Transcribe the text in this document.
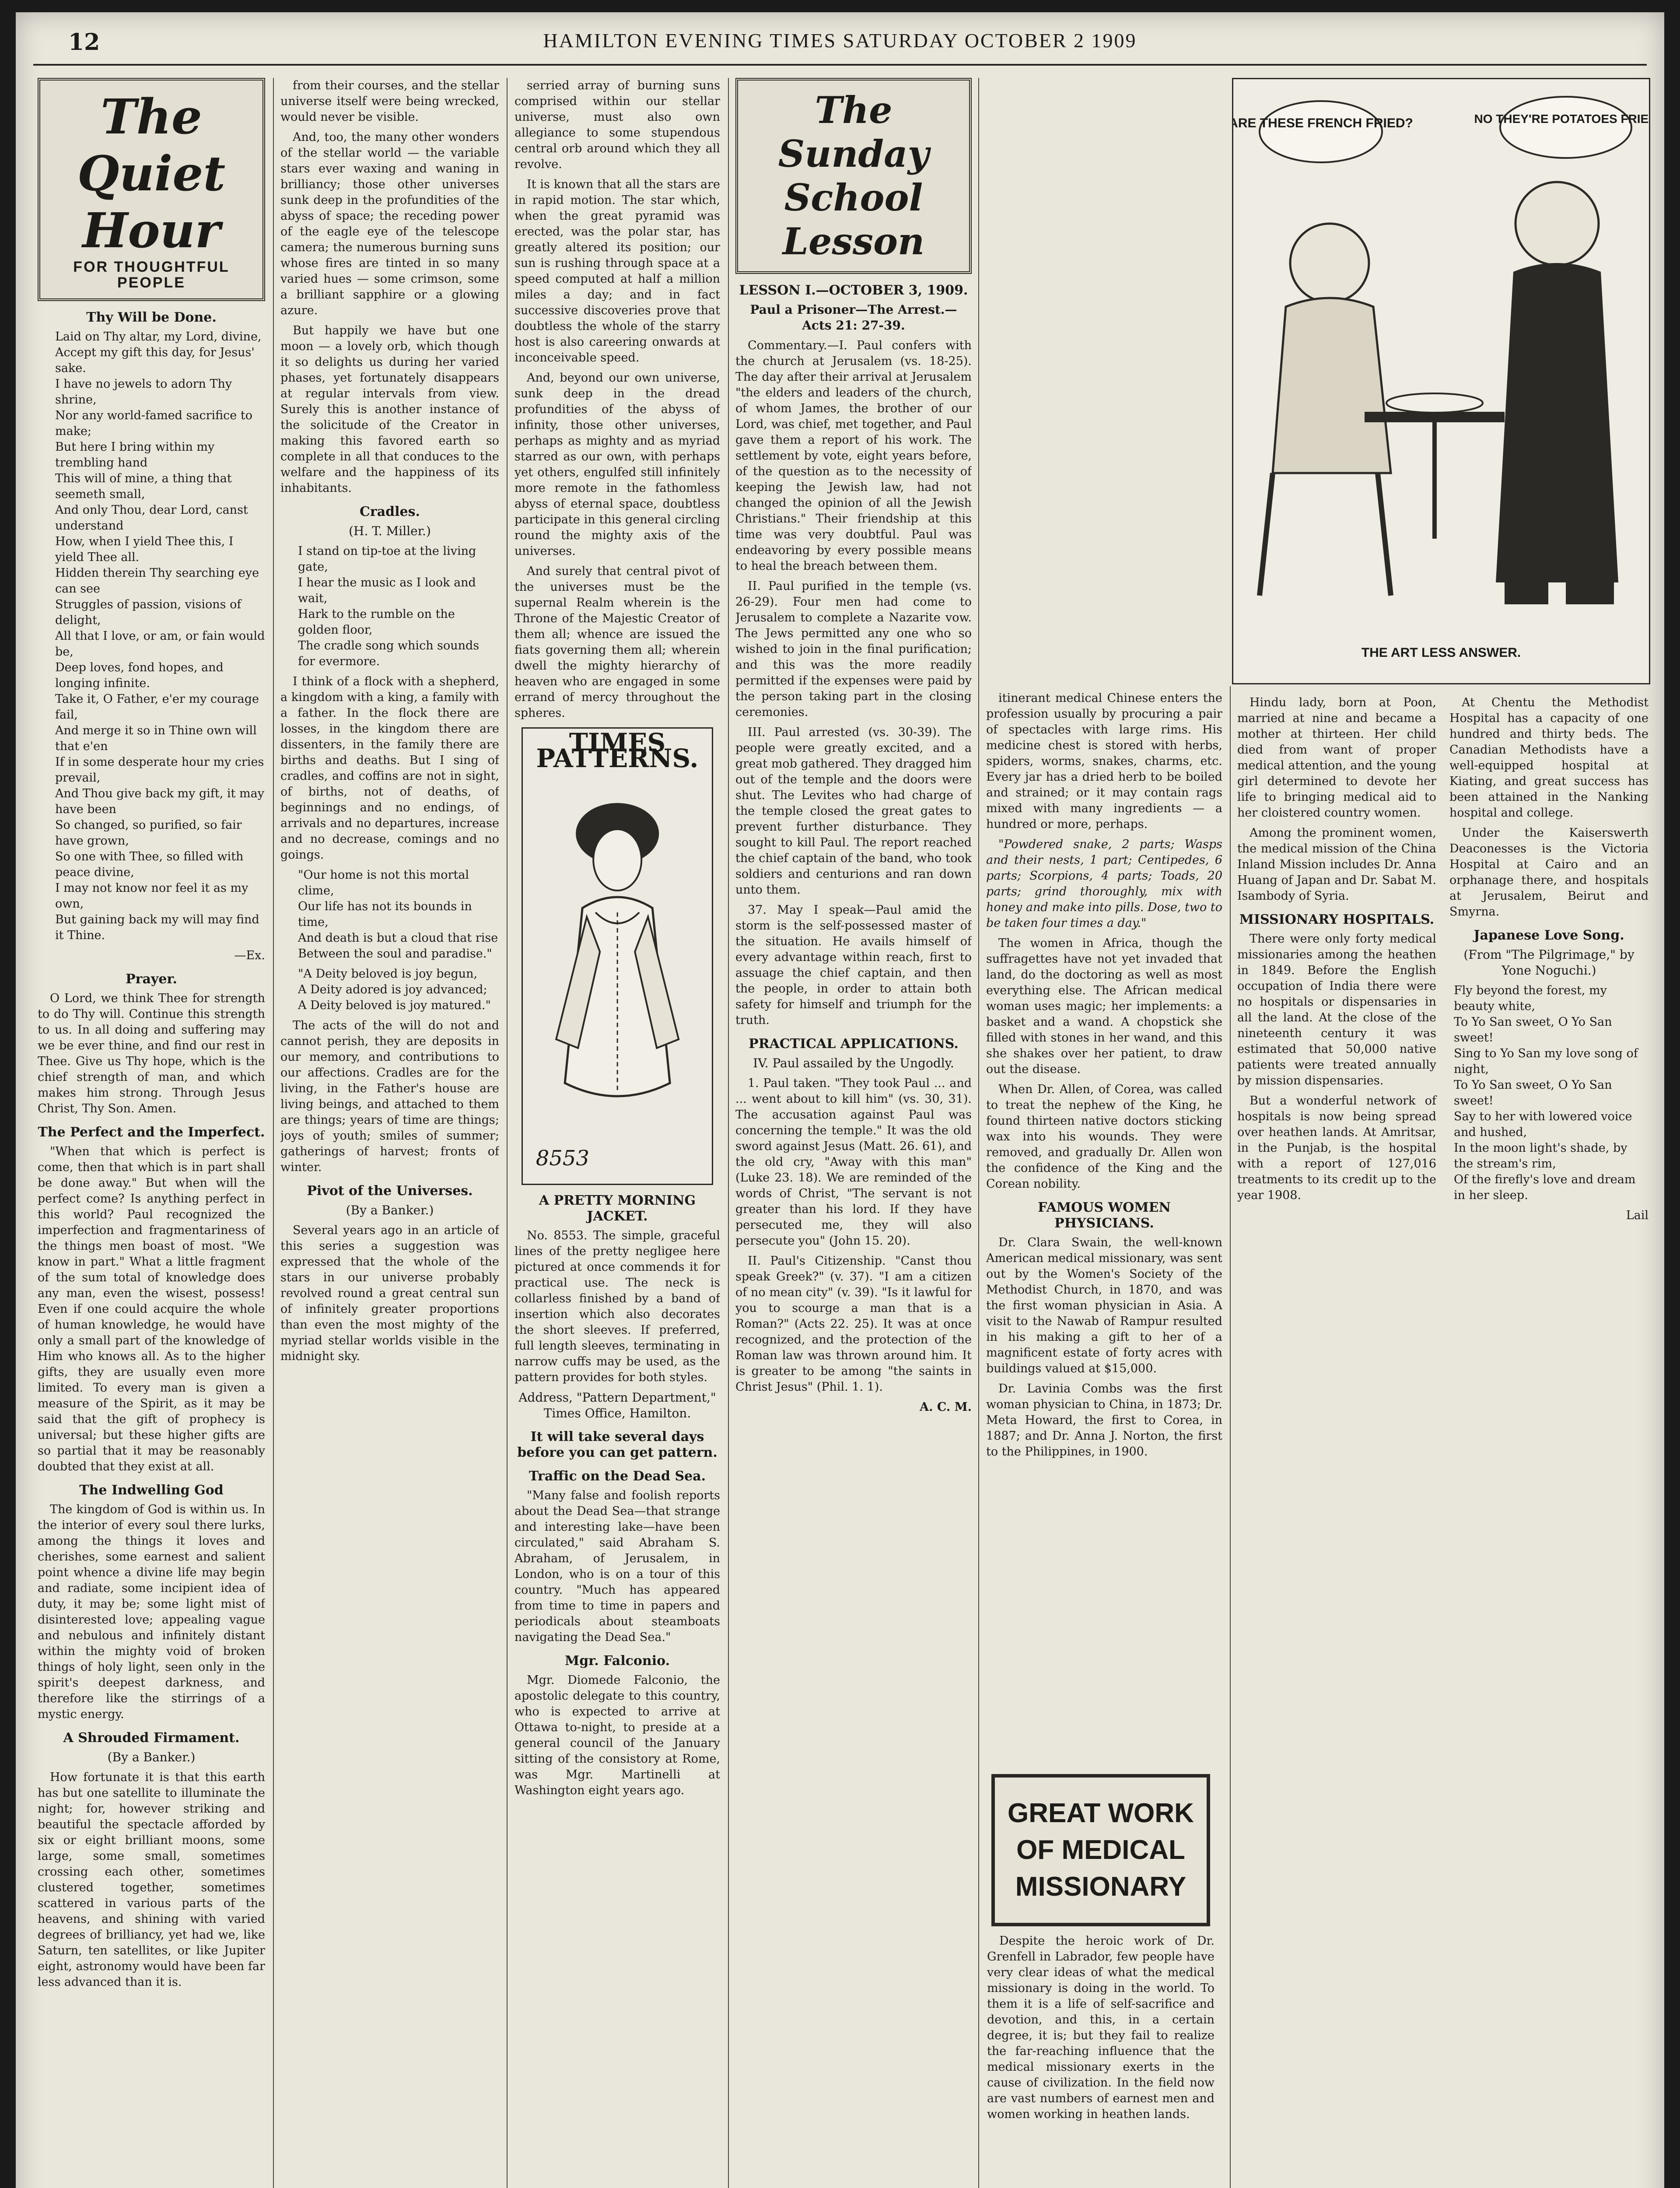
12	HAMILTON EVENING TIMES SATURDAY OCTOBER 2 1909
The Quiet Hour
FOR THOUGHTFUL PEOPLE
Thy Will be Done.
Laid on Thy altar, my Lord, divine,
Accept my gift this day, for Jesus' sake.
I have no jewels to adorn Thy shrine,
Nor any world-famed sacrifice to make;
But here I bring within my trembling hand
This will of mine, a thing that seemeth small,
And only Thou, dear Lord, canst understand
How, when I yield Thee this, I yield Thee all.
Hidden therein Thy searching eye can see
Struggles of passion, visions of delight,
All that I love, or am, or fain would be,
Deep loves, fond hopes, and longing infinite.
Take it, O Father, e'er my courage fail,
And merge it so in Thine own will that e'en
If in some desperate hour my cries prevail,
And Thou give back my gift, it may have been
So changed, so purified, so fair have grown,
So one with Thee, so filled with peace divine,
I may not know nor feel it as my own,
But gaining back my will may find it Thine.
—Ex.
Prayer.

O Lord, we think Thee for strength to do Thy will. Continue this strength to us. In all doing and suffering may we be ever thine, and find our rest in Thee. Give us Thy hope, which is the chief strength of man, and which makes him strong. Through Jesus Christ, Thy Son. Amen.

The Perfect and the Imperfect.

"When that which is perfect is come, then that which is in part shall be done away." But when will the perfect come? Is anything perfect in this world? Paul recognized the imperfection and fragmentariness of the things men boast of most. "We know in part." What a little fragment of the sum total of knowledge does any man, even the wisest, possess! Even if one could acquire the whole of human knowledge, he would have only a small part of the knowledge of Him who knows all. As to the higher gifts, they are usually even more limited. To every man is given a measure of the Spirit, as it may be said that the gift of prophecy is universal; but these higher gifts are so partial that it may be reasonably doubted that they exist at all.

The Indwelling God

The kingdom of God is within us. In the interior of every soul there lurks, among the things it loves and cherishes, some earnest and salient point whence a divine life may begin and radiate, some incipient idea of duty, it may be; some light mist of disinterested love; appealing vague and nebulous and infinitely distant within the mighty void of broken things of holy light, seen only in the spirit's deepest darkness, and therefore like the stirrings of a mystic energy.

A Shrouded Firmament.
(By a Banker.)

How fortunate it is that this earth has but one satellite to illuminate the night; for, however striking and beautiful the spectacle afforded by six or eight brilliant moons, some large, some small, sometimes crossing each other, sometimes clustered together, sometimes scattered in various parts of the heavens, and shining with varied degrees of brilliancy, yet had we, like Saturn, ten satellites, or like Jupiter eight, astronomy would have been far less advanced than it is.

from their courses, and the stellar universe itself were being wrecked, would never be visible.

And, too, the many other wonders of the stellar world — the variable stars ever waxing and waning in brilliancy; those other universes sunk deep in the profundities of the abyss of space; the receding power of the eagle eye of the telescope camera; the numerous burning suns whose fires are tinted in so many varied hues — some crimson, some a brilliant sapphire or a glowing azure.

But happily we have but one moon — a lovely orb, which though it so delights us during her varied phases, yet fortunately disappears at regular intervals from view. Surely this is another instance of the solicitude of the Creator in making this favored earth so complete in all that conduces to the welfare and the happiness of its inhabitants.

Cradles.
(H. T. Miller.)
I stand on tip-toe at the living gate,
I hear the music as I look and wait,
Hark to the rumble on the golden floor,
The cradle song which sounds for evermore.

I think of a flock with a shepherd, a kingdom with a king, a family with a father. In the flock there are losses, in the kingdom there are dissenters, in the family there are births and deaths. But I sing of cradles, and coffins are not in sight, of births, not of deaths, of beginnings and no endings, of arrivals and no departures, increase and no decrease, comings and no goings.

"Our home is not this mortal clime,
Our life has not its bounds in time,
And death is but a cloud that rise
Between the soul and paradise."
"A Deity beloved is joy begun,
A Deity adored is joy advanced;
A Deity beloved is joy matured."

The acts of the will do not and cannot perish, they are deposits in our memory, and contributions to our affections. Cradles are for the living, in the Father's house are living beings, and attached to them are things; years of time are things; joys of youth; smiles of summer; gatherings of harvest; fronts of winter.

Pivot of the Universes.
(By a Banker.)

Several years ago in an article of this series a suggestion was expressed that the whole of the stars in our universe probably revolved round a great central sun of infinitely greater proportions than even the most mighty of the myriad stellar worlds visible in the midnight sky.

serried array of burning suns comprised within our stellar universe, must also own allegiance to some stupendous central orb around which they all revolve.

It is known that all the stars are in rapid motion. The star which, when the great pyramid was erected, was the polar star, has greatly altered its position; our sun is rushing through space at a speed computed at half a million miles a day; and in fact successive discoveries prove that doubtless the whole of the starry host is also careering onwards at inconceivable speed.

And, beyond our own universe, sunk deep in the dread profundities of the abyss of infinity, those other universes, perhaps as mighty and as myriad starred as our own, with perhaps yet others, engulfed still infinitely more remote in the fathomless abyss of eternal space, doubtless participate in this general circling round the mighty axis of the universes.

And surely that central pivot of the universes must be the supernal Realm wherein is the Throne of the Majestic Creator of them all; whence are issued the fiats governing them all; wherein dwell the mighty hierarchy of heaven who are engaged in some errand of mercy throughout the spheres.

TIMES PATTERNS.
8553
A PRETTY MORNING JACKET.

No. 8553. The simple, graceful lines of the pretty negligee here pictured at once commends it for practical use. The neck is collarless finished by a band of insertion which also decorates the short sleeves. If preferred, full length sleeves, terminating in narrow cuffs may be used, as the pattern provides for both styles.

Address, "Pattern Department," Times Office, Hamilton.
It will take several days before you can get pattern.
Traffic on the Dead Sea.

"Many false and foolish reports about the Dead Sea—that strange and interesting lake—have been circulated," said Abraham S. Abraham, of Jerusalem, in London, who is on a tour of this country. "Much has appeared from time to time in papers and periodicals about steamboats navigating the Dead Sea."

Mgr. Falconio.

Mgr. Diomede Falconio, the apostolic delegate to this country, who is expected to arrive at Ottawa to-night, to preside at a general council of the January sitting of the consistory at Rome, was Mgr. Martinelli at Washington eight years ago.

The Sunday School Lesson
LESSON I.—OCTOBER 3, 1909.
Paul a Prisoner—The Arrest.—Acts 21: 27-39.

Commentary.—I. Paul confers with the church at Jerusalem (vs. 18-25). The day after their arrival at Jerusalem "the elders and leaders of the church, of whom James, the brother of our Lord, was chief, met together, and Paul gave them a report of his work. The settlement by vote, eight years before, of the question as to the necessity of keeping the Jewish law, had not changed the opinion of all the Jewish Christians." Their friendship at this time was very doubtful. Paul was endeavoring by every possible means to heal the breach between them.

II. Paul purified in the temple (vs. 26-29). Four men had come to Jerusalem to complete a Nazarite vow. The Jews permitted any one who so wished to join in the final purification; and this was the more readily permitted if the expenses were paid by the person taking part in the closing ceremonies.

III. Paul arrested (vs. 30-39). The people were greatly excited, and a great mob gathered. They dragged him out of the temple and the doors were shut. The Levites who had charge of the temple closed the great gates to prevent further disturbance. They sought to kill Paul. The report reached the chief captain of the band, who took soldiers and centurions and ran down unto them.

37. May I speak—Paul amid the storm is the self-possessed master of the situation. He avails himself of every advantage within reach, first to assuage the chief captain, and then the people, in order to attain both safety for himself and triumph for the truth.

PRACTICAL APPLICATIONS.
IV. Paul assailed by the Ungodly.

1. Paul taken. "They took Paul ... and ... went about to kill him" (vs. 30, 31). The accusation against Paul was concerning the temple." It was the old sword against Jesus (Matt. 26. 61), and the old cry, "Away with this man" (Luke 23. 18). We are reminded of the words of Christ, "The servant is not greater than his lord. If they have persecuted me, they will also persecute you" (John 15. 20).

II. Paul's Citizenship. "Canst thou speak Greek?" (v. 37). "I am a citizen of no mean city" (v. 39). "Is it lawful for you to scourge a man that is a Roman?" (Acts 22. 25). It was at once recognized, and the protection of the Roman law was thrown around him. It is greater to be among "the saints in Christ Jesus" (Phil. 1. 1).

A. C. M.

itinerant medical Chinese enters the profession usually by procuring a pair of spectacles with large rims. His medicine chest is stored with herbs, spiders, worms, snakes, charms, etc. Every jar has a dried herb to be boiled and strained; or it may contain rags mixed with many ingredients — a hundred or more, perhaps.

"Powdered snake, 2 parts; Wasps and their nests, 1 part; Centipedes, 6 parts; Scorpions, 4 parts; Toads, 20 parts; grind thoroughly, mix with honey and make into pills. Dose, two to be taken four times a day."

The women in Africa, though the suffragettes have not yet invaded that land, do the doctoring as well as most everything else. The African medical woman uses magic; her implements: a basket and a wand. A chopstick she filled with stones in her wand, and this she shakes over her patient, to draw out the disease.

When Dr. Allen, of Corea, was called to treat the nephew of the King, he found thirteen native doctors sticking wax into his wounds. They were removed, and gradually Dr. Allen won the confidence of the King and the Corean nobility.

FAMOUS WOMEN PHYSICIANS.

Dr. Clara Swain, the well-known American medical missionary, was sent out by the Women's Society of the Methodist Church, in 1870, and was the first woman physician in Asia. A visit to the Nawab of Rampur resulted in his making a gift to her of a magnificent estate of forty acres with buildings valued at $15,000.

Dr. Lavinia Combs was the first woman physician to China, in 1873; Dr. Meta Howard, the first to Corea, in 1887; and Dr. Anna J. Norton, the first to the Philippines, in 1900.

GREAT WORK OF MEDICAL MISSIONARY

Despite the heroic work of Dr. Grenfell in Labrador, few people have very clear ideas of what the medical missionary is doing in the world. To them it is a life of self-sacrifice and devotion, and this, in a certain degree, it is; but they fail to realize the far-reaching influence that the medical missionary exerts in the cause of civilization. In the field now are vast numbers of earnest men and women working in heathen lands.

ARE THESE FRENCH FRIED?	NO THEY'RE POTATOES FRIED
THE ART LESS ANSWER.

Hindu lady, born at Poon, married at nine and became a mother at thirteen. Her child died from want of proper medical attention, and the young girl determined to devote her life to bringing medical aid to her cloistered country women.

Among the prominent women, the medical mission of the China Inland Mission includes Dr. Anna Huang of Japan and Dr. Sabat M. Isambody of Syria.

MISSIONARY HOSPITALS.

There were only forty medical missionaries among the heathen in 1849. Before the English occupation of India there were no hospitals or dispensaries in all the land. At the close of the nineteenth century it was estimated that 50,000 native patients were treated annually by mission dispensaries.

But a wonderful network of hospitals is now being spread over heathen lands. At Amritsar, in the Punjab, is the hospital with a report of 127,016 treatments to its credit up to the year 1908.

At Chentu the Methodist Hospital has a capacity of one hundred and thirty beds. The Canadian Methodists have a well-equipped hospital at Kiating, and great success has been attained in the Nanking hospital and college.

Under the Kaiserswerth Deaconesses is the Victoria Hospital at Cairo and an orphanage there, and hospitals at Jerusalem, Beirut and Smyrna.

Japanese Love Song.
(From "The Pilgrimage," by Yone Noguchi.)
Fly beyond the forest, my beauty white,
To Yo San sweet, O Yo San sweet!
Sing to Yo San my love song of night,
To Yo San sweet, O Yo San sweet!
Say to her with lowered voice and hushed,
In the moon light's shade, by the stream's rim,
Of the firefly's love and dream in her sleep.
Lail
